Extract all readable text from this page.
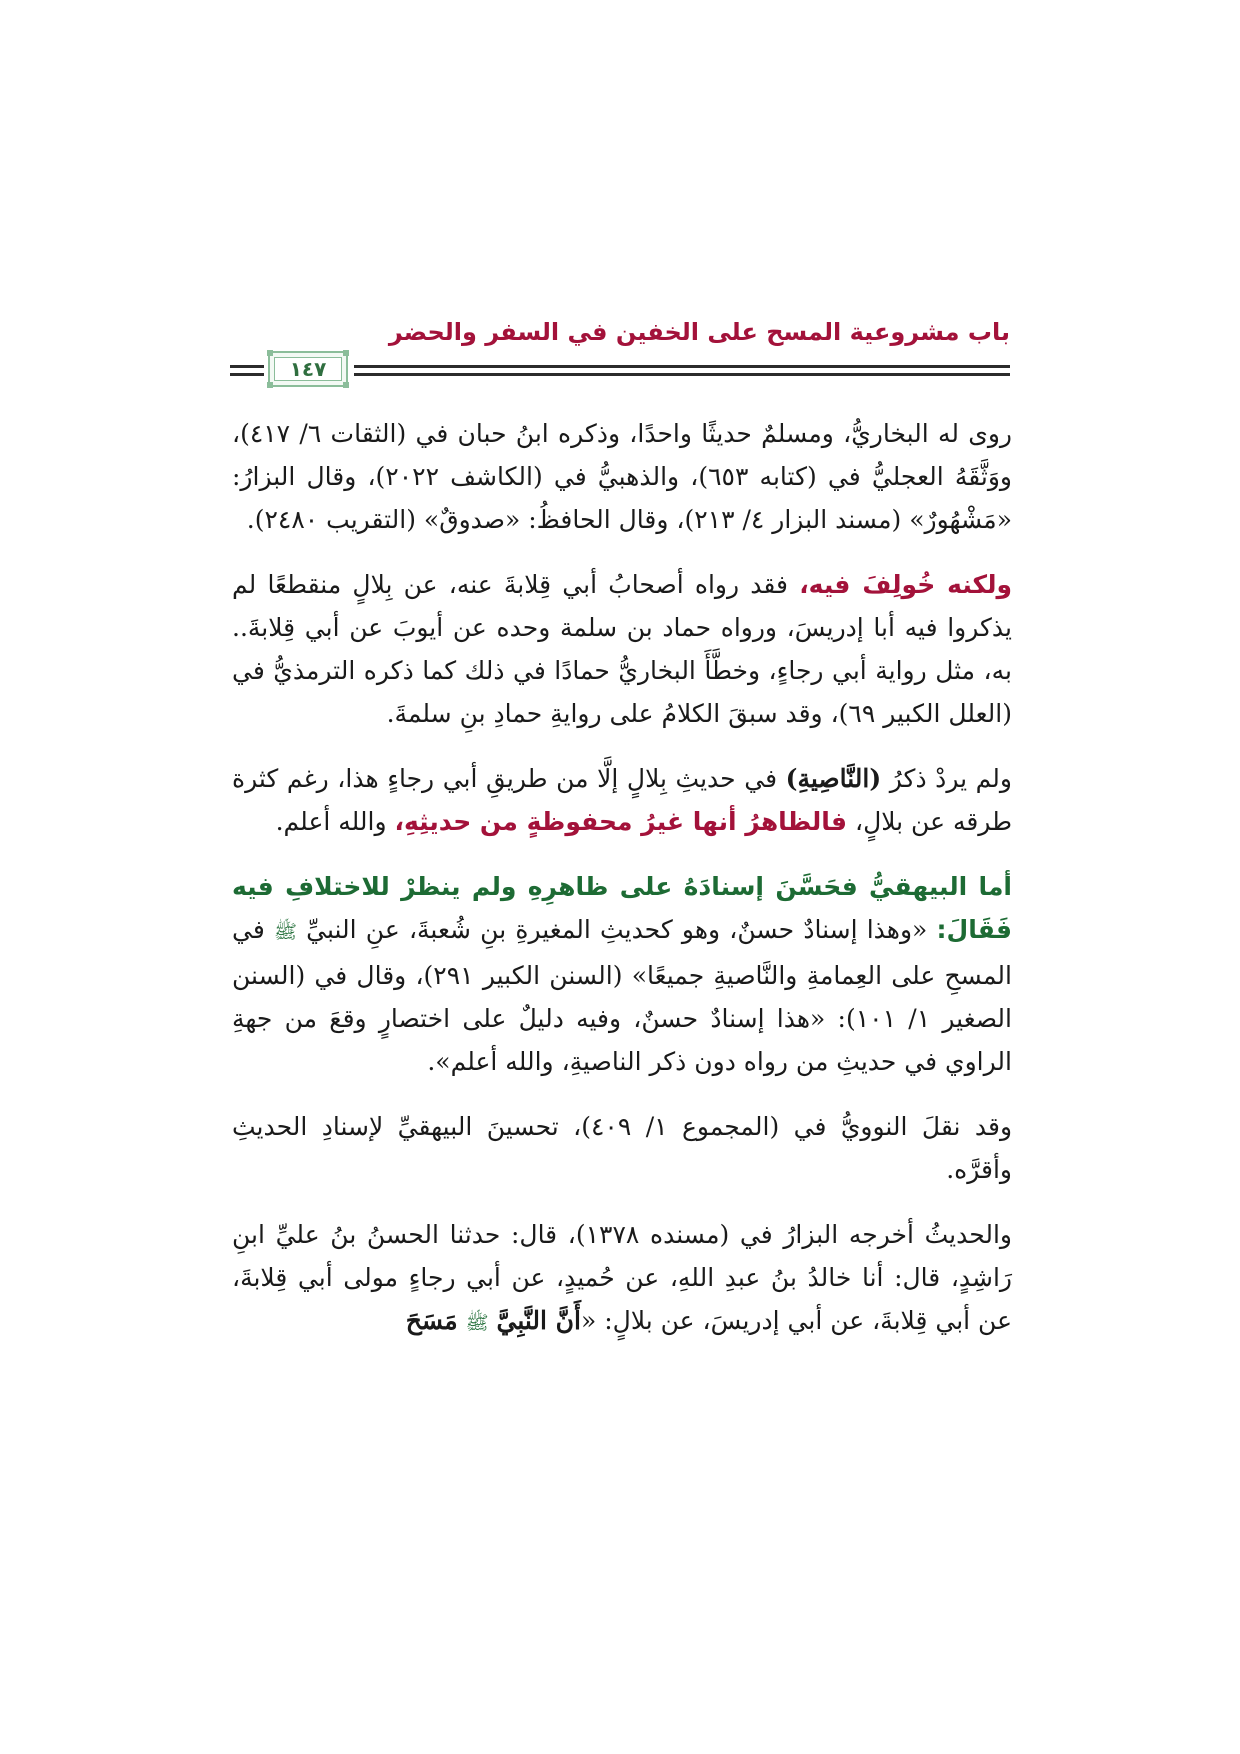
باب مشروعية المسح على الخفين في السفر والحضر
١٤٧

روى له البخاريُّ، ومسلمٌ حديثًا واحدًا، وذكره ابنُ حبان في (الثقات ٦/ ٤١٧)، ووَثَّقَهُ العجليُّ في (كتابه ٦٥٣)، والذهبيُّ في (الكاشف ٢٠٢٢)، وقال البزارُ: «مَشْهُورٌ» (مسند البزار ٤/ ٢١٣)، وقال الحافظُ: «صدوقٌ» (التقريب ٢٤٨٠).

ولكنه خُولِفَ فيه، فقد رواه أصحابُ أبي قِلابةَ عنه، عن بِلالٍ منقطعًا لم يذكروا فيه أبا إدريسَ، ورواه حماد بن سلمة وحده عن أيوبَ عن أبي قِلابةَ.. به، مثل رواية أبي رجاءٍ، وخطَّأَ البخاريُّ حمادًا في ذلك كما ذكره الترمذيُّ في (العلل الكبير ٦٩)، وقد سبقَ الكلامُ على روايةِ حمادِ بنِ سلمةَ.

ولم يردْ ذكرُ (النَّاصِيةِ) في حديثِ بِلالٍ إلَّا من طريقِ أبي رجاءٍ هذا، رغم كثرة طرقه عن بلالٍ، فالظاهرُ أنها غيرُ محفوظةٍ من حديثِهِ، والله أعلم.

أما البيهقيُّ فحَسَّنَ إسنادَهُ على ظاهرِهِ ولم ينظرْ للاختلافِ فيه فَقَالَ: «وهذا إسنادٌ حسنٌ، وهو كحديثِ المغيرةِ بنِ شُعبةَ، عنِ النبيِّ ﷺ في المسحِ على العِمامةِ والنَّاصيةِ جميعًا» (السنن الكبير ٢٩١)، وقال في (السنن الصغير ١/ ١٠١): «هذا إسنادٌ حسنٌ، وفيه دليلٌ على اختصارٍ وقعَ من جهةِ الراوي في حديثِ من رواه دون ذكر الناصيةِ، والله أعلم».

وقد نقلَ النوويُّ في (المجموع ١/ ٤٠٩)، تحسينَ البيهقيِّ لإسنادِ الحديثِ وأقرَّه.

والحديثُ أخرجه البزارُ في (مسنده ١٣٧٨)، قال: حدثنا الحسنُ بنُ عليِّ ابنِ رَاشِدٍ، قال: أنا خالدُ بنُ عبدِ اللهِ، عن حُميدٍ، عن أبي رجاءٍ مولى أبي قِلابةَ، عن أبي قِلابةَ، عن أبي إدريسَ، عن بلالٍ: «أَنَّ النَّبِيَّ ﷺ مَسَحَ
